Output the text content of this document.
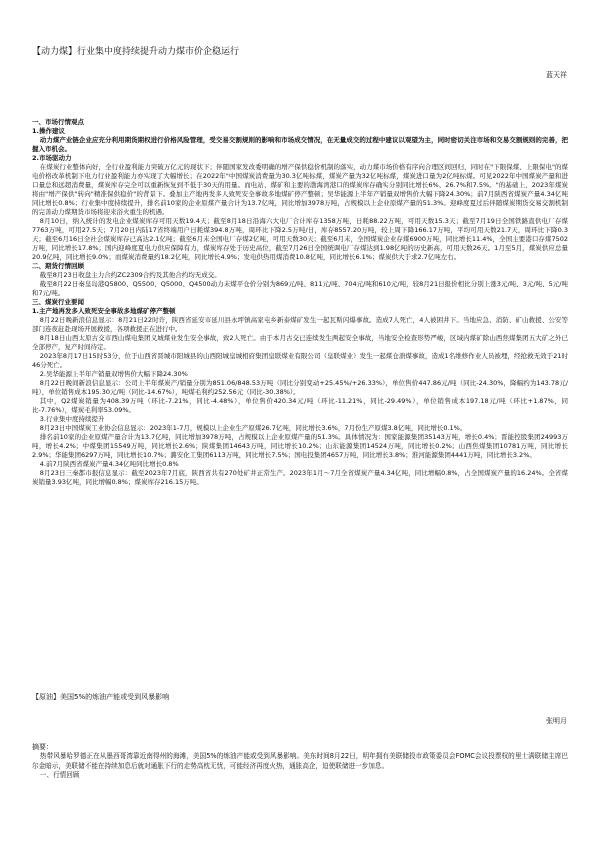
【动力煤】行业集中度持续提升动力煤市价企稳运行
蓝天祥
一、市场行情观点
1.操作建议

动力煤产业链企业应充分利用期货期权进行价格风险管理，受交易交割规则的影响和市场成交情况，在无量成交的过程中建议以观望为主，同时密切关注市场和交易交割规则的完善，把握入市机会。

2.市场驱动力

在煤炭行业整体向好，全行业盈利能力突破万亿元的现状下；伴随国家发改委明确的增产保供稳价机制的落实，动力煤市场价格有序向合理区间回归，同时在"下限保煤、上限保电"的煤电价格改革机制下电力行业盈利能力亦实现了大幅增长；在2022年"中国煤炭消费量为30.3亿吨标煤，煤炭产量为32亿吨标煤，煤炭进口量为2亿吨标煤。可见2022年中国煤炭产量和进口量总和远超消费量，煤炭库存完全可以重新恢复到不低于30天的用量。而电站、煤矿和主要的渤海湾港口的煤炭库存确实分别同比增长6%、26.7%和7.5%。"的基础上，2023年煤炭将由"增产保供"转向"精准保供稳价"的背景下。叠加主产地再发多人致死安全事故多地煤矿停产整顿；吴华能源上半年产销量双增售价大幅下降24.30%；前7月陕西省煤炭产量4.34亿吨同比增长0.8%；行业集中度持续提升，排名前10家的企业原煤产量合计为13.7亿吨，同比增加3978万吨，占规模以上企业原煤产量的51.3%。迎峰度夏过后伴随煤炭期货交易交割机制的完善动力煤期货市场将迎来浴火重生的机遇。

8月10日，纳入统计的发电企业煤炭库存可用天数19.4天；截至8月18日沿海六大电厂合计库存1358万吨，日耗88.22万吨，可用天数15.3天；截至7月19日全国铁路直供电厂存煤7763万吨，可用27.5天；7月20日内陆17省终端用户日耗煤394.8万吨，周环比下降2.5万吨/日，库存8557.20万吨，较上周下降166.17万吨，平均可用天数21.7天，周环比下降0.3天；截至6月16日全社会煤炭库存已高达2.1亿吨；截至6月末全国电厂存煤2亿吨，可用天数30天；截至6月末，全国煤炭企业存煤6900万吨，同比增长11.4%，全国主要港口存煤7502万吨，同比增长17.8%；国内迎峰度夏电力供应保障有力，煤炭库存处于历史高位，截至7月26日全国统调电厂存煤达到1.98亿吨的历史新高，可用天数26天。1月至5月，煤炭供应总量20.9亿吨，同比增长9.0%；而煤炭消费量约18.2亿吨，同比增长4.9%；发电供热用煤消费10.8亿吨，同比增长6.1%；煤炭供大于求2.7亿吨左右。

二、期货行情回顾

截至8月23日收盘主力合约ZC2309合约及其他合约均无成交。

截至8月22日秦皇岛港Q5800、Q5500、Q5000、Q4500动力末煤平仓价分别为869元/吨、811元/吨、704元/吨和610元/吨，较8月21日报价相比分别上涨3元/吨、3元/吨、5元/吨和7元/吨。

三、煤炭行业要闻
1.主产地再发多人致死安全事故多地煤矿停产整顿

8月22日晚新浪信息显示：8月21日22时许，陕西省延安市延川县永坪镇高家屯乡新泰煤矿发生一起瓦斯闪爆事故。造成7人死亡，4人被困井下。当地应急、消防、矿山救援、公安等部门连夜赶赴现场开展救援，各项救援正在进行中。

8月18日山西太原古交市西山煤电集团义城煤业发生安全事故，致2人死亡。由于本月古交已连续发生两起安全事故，当地安全检查形势严峻，区域内煤矿除山西焦煤集团五大矿之外已全部停产，复产时间待定。

2023年8月17日15时53分，位于山西省晋城市阳城县的山西阳城皇城相府集团皇联煤业有限公司（皇联煤业）发生一起煤仓溃煤事故，造成1名维修作业人员被埋，经抢救无效于21时46分死亡。

2.吴华能源上半年产销量双增售价大幅下降24.30%

8月22日晚间新浪信息显示：公司上半年煤炭产/销量分别为851.06/848.53万吨（同比分别变动+25.45%/+26.33%），单位售价447.86元/吨（同比-24.30%，降幅约为143.78元/吨），单位销售成本195.30元/吨（同比-14.67%），吨煤毛利约252.56元（同比-30.38%）。

其中，Q2煤炭销量为408.39万吨（环比-7.21%，同比-4.48%），单位售价420.34元/吨（环比-11.21%，同比-29.49%），单位销售成本197.18元/吨（环比+1.87%，同比-7.76%），煤炭毛利率53.09%。

3.行业集中度持续提升

8月23日中国煤炭工业协会信息显示：2023年1-7月，规模以上企业生产原煤26.7亿吨，同比增长3.6%，7月份生产原煤3.8亿吨，同比增长0.1%。

排名前10家的企业原煤产量合计为13.7亿吨，同比增加3978万吨，占规模以上企业原煤产量的51.3%。具体情况为：国家能源集团35143万吨，增长0.4%；晋能控股集团24993万吨，增长4.2%；中煤集团15549万吨，同比增长2.6%；陕煤集团14643万吨，同比增长10.2%；山东能源集团14524万吨，同比增长0.2%；山西焦煤集团10781万吨，同比增长2.9%；华能集团6297万吨，同比增长10.7%；潞安化工集团6113万吨，同比增长7.5%；国电投集团4657万吨，同比增长3.8%；淮河能源集团4441万吨，同比增长3.2%。

4.前7月陕西省煤炭产量4.34亿吨同比增长0.8%

8月23日三秦都市报信息显示：截至2023年7月底，陕西省共有270处矿井正常生产。2023年1月～7月全省煤炭产量4.34亿吨，同比增幅0.8%，占全国煤炭产量的16.24%。全省煤炭销量3.93亿吨，同比增幅0.8%；煤炭库存216.15万吨。

【原油】美国5%的炼油产能或受到风暴影响
张明月
摘要：

热带风暴哈罗德正在从墨西哥湾靠近南得州的海滩，美国5%的炼油产能或受到风暴影响。美东时间8月22日，明年拥有美联储投市政策委员会FOMC会议投票权的里士满联储主席巴尔金暗示，美联储不能在持续加息后就对通胀下行的走势高枕无忧，可能经济再度火热，通胀高企，迫使联储进一步加息。

一、行情回顾
